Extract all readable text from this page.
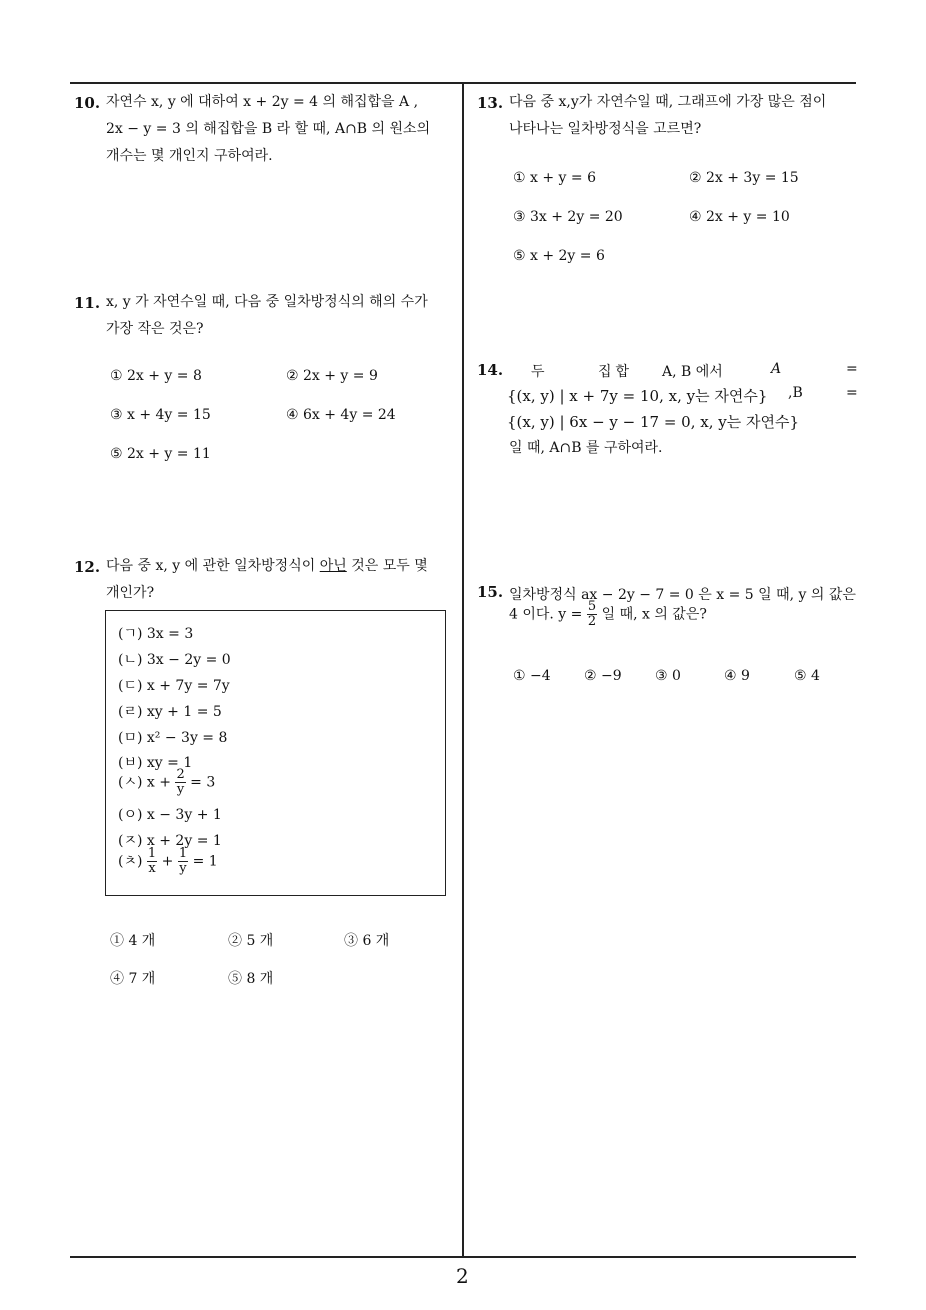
2
10. 자연수 x, y 에 대하여 x + 2y = 4 의 해집합을 A ,
2x − y = 3 의 해집합을 B 라 할 때, A∩B 의 원소의
개수는 몇 개인지 구하여라.
11. x, y 가 자연수일 때, 다음 중 일차방정식의 해의 수가
가장 작은 것은?
① 2x + y = 8	② 2x + y = 9
③ x + 4y = 15	④ 6x + 4y = 24
⑤ 2x + y = 11
12. 다음 중 x, y 에 관한 일차방정식이 아닌 것은 모두 몇
개인가?
(ㄱ) 3x = 3
(ㄴ) 3x − 2y = 0
(ㄷ) x + 7y = 7y
(ㄹ) xy + 1 = 5
(ㅁ) x² − 3y = 8
(ㅂ) xy = 1
(ㅅ) $x + \frac{2}{y} = 3$
(ㅇ) x − 3y + 1
(ㅈ) x + 2y = 1
(ㅊ) $\frac{1}{x} + \frac{1}{y} = 1$
① 4 개	② 5 개	③ 6 개
④ 7 개	⑤ 8 개
13. 다음 중 x,y가 자연수일 때, 그래프에 가장 많은 점이
나타나는 일차방정식을 고르면?
① x + y = 6	② 2x + 3y = 15
③ 3x + 2y = 20	④ 2x + y = 10
⑤ x + 2y = 6
14. 두	집합 A, B 에서	A	=
{(x, y) | x + 7y = 10, x, y는 자연수} ,B	=
{(x, y) | 6x − y − 17 = 0, x, y는 자연수}
일 때, A∩B 를 구하여라.
15. 일차방정식 ax − 2y − 7 = 0 은 x = 5 일 때, y 의 값은
4 이다. $y = \frac{5}{2}$ 일 때, x 의 값은?
① −4 ② −9 ③ 0	④ 9	⑤ 4
